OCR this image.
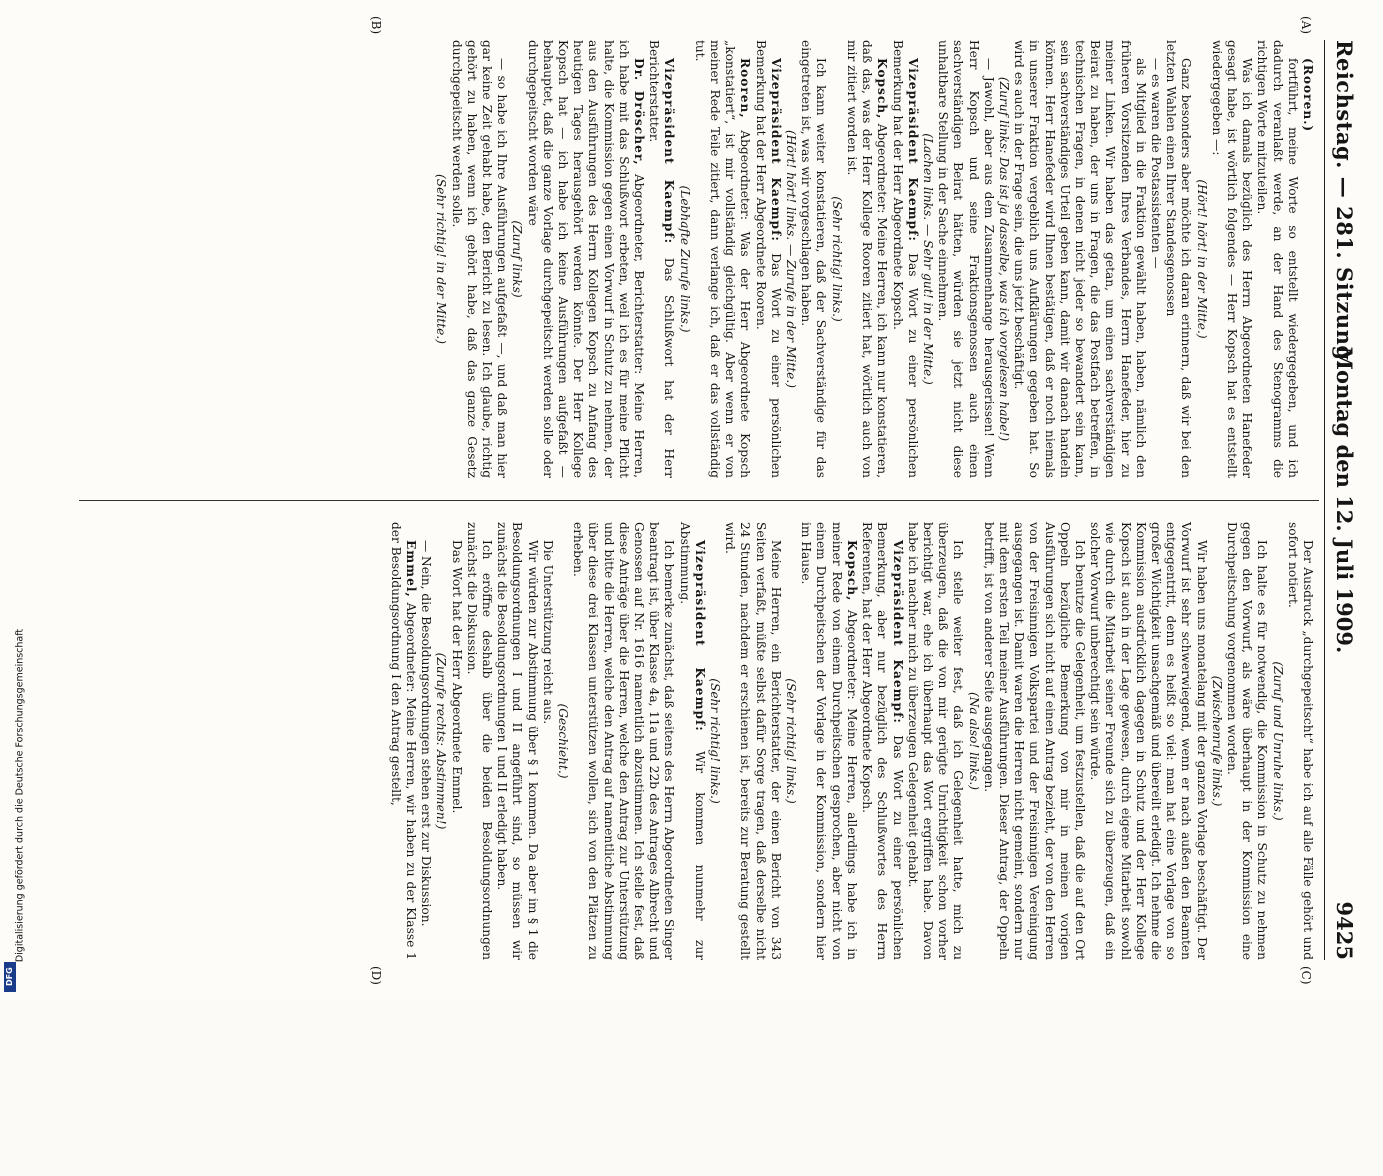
Reichstag. — 281. Sitzung.
Montag den 12. Juli 1909.
9425
(A)
(B)
(C)
(D)

(Rooren.)

fortführt, meine Worte so entstellt wiedergegeben, und ich dadurch veranlaßt werde, an der Hand des Stenogramms die richtigen Worte mitzuteilen.

Was ich damals bezüglich des Herrn Abgeordneten Hanefeder gesagt habe, ist wörtlich folgendes — Herr Kopsch hat es entstellt wiedergegeben —:

(Hört! hört! in der Mitte.)

Ganz besonders aber möchte ich daran erinnern, daß wir bei den letzten Wahlen einen Ihrer Standesgenossen

— es waren die Postassistenten —

als Mitglied in die Fraktion gewählt haben, haben, nämlich den früheren Vorsitzenden Ihres Verbandes, Herrn Hanefeder, hier zu meiner Linken. Wir haben das getan, um einen sachverständigen Beirat zu haben, der uns in Fragen, die das Postfach betreffen, in technischen Fragen, in denen nicht jeder so bewandert sein kann, sein sachverständiges Urteil geben kann, damit wir danach handeln können. Herr Hanefeder wird Ihnen bestätigen, daß er noch niemals in unserer Fraktion vergeblich uns Aufklärungen gegeben hat. So wird es auch in der Frage sein, die uns jetzt beschäftigt.

(Zuruf links: Das ist ja dasselbe, was ich vorgelesen habe!)

— Jawohl, aber aus dem Zusammenhange herausgerissen! Wenn Herr Kopsch und seine Fraktionsgenossen auch einen sachverständigen Beirat hätten, würden sie jetzt nicht diese unhaltbare Stellung in der Sache einnehmen.

(Lachen links. — Sehr gut! in der Mitte.)

Vizepräsident Kaempf: Das Wort zu einer persönlichen Bemerkung hat der Herr Abgeordnete Kopsch.

Kopsch, Abgeordneter: Meine Herren, ich kann nur konstatieren, daß das, was der Herr Kollege Rooren zitiert hat, wörtlich auch von mir zitiert worden ist.

(Sehr richtig! links.)

Ich kann weiter konstatieren, daß der Sachverständige für das eingetreten ist, was wir vorgeschlagen haben.

(Hört! hört! links. — Zurufe in der Mitte.)

Vizepräsident Kaempf: Das Wort zu einer persönlichen Bemerkung hat der Herr Abgeordnete Rooren.

Rooren, Abgeordneter: Was der Herr Abgeordnete Kopsch „konstatiert“, ist mir vollständig gleichgültig. Aber wenn er von meiner Rede Teile zitiert, dann verlange ich, daß er das vollständig tut.

(Lebhafte Zurufe links.)

Vizepräsident Kaempf: Das Schlußwort hat der Herr Berichterstatter.

Dr. Dröscher, Abgeordneter, Berichterstatter: Meine Herren, ich habe mit das Schlußwort erbeten, weil ich es für meine Pflicht halte, die Kommission gegen einen Vorwurf in Schutz zu nehmen, der aus den Ausführungen des Herrn Kollegen Kopsch zu Anfang des heutigen Tages herausgehört werden könnte. Der Herr Kollege Kopsch hat — ich habe ich keine Ausführungen aufgefaßt — behauptet, daß die ganze Vorlage durchgepeitscht werden solle oder durchgepeitscht worden wäre

(Zuruf links)

— so habe ich Ihre Ausführungen aufgefaßt —, und daß man hier gar keine Zeit gehabt habe, den Bericht zu lesen. Ich glaube, richtig gehört zu haben, wenn ich gehört habe, daß das ganze Gesetz durchgepeitscht werden solle.

(Sehr richtig! in der Mitte.)

Der Ausdruck „durchgepeitscht“ habe ich auf alle Fälle gehört und sofort notiert.

(Zuruf und Unruhe links.)

Ich halte es für notwendig, die Kommission in Schutz zu nehmen gegen den Vorwurf, als wäre überhaupt in der Kommission eine Durchpeitschung vorgenommen worden.

(Zwischenrufe links.)

Wir haben uns monatelang mit der ganzen Vorlage beschäftigt. Der Vorwurf ist sehr schwerwiegend, wenn er nach außen den Beamten entgegentritt, denn es heißt so viel: man hat eine Vorlage von so großer Wichtigkeit unsachgemäß und übereilt erledigt. Ich nehme die Kommission ausdrücklich dagegen in Schutz und der Herr Kollege Kopsch ist auch in der Lage gewesen, durch eigene Mitarbeit sowohl wie durch die Mitarbeit seiner Freunde sich zu überzeugen, daß ein solcher Vorwurf unberechtigt sein würde.

Ich benutze die Gelegenheit, um festzustellen, daß die auf den Ort Oppeln bezügliche Bemerkung von mir in meinen vorigen Ausführungen sich nicht auf einen Antrag bezieht, der von den Herren von der Freisinnigen Volkspartei und der Freisinnigen Vereinigung ausgegangen ist. Damit waren die Herren nicht gemeint, sondern nur mit dem ersten Teil meiner Ausführungen. Dieser Antrag, der Oppeln betrifft, ist von anderer Seite ausgegangen.

(Na also! links.)

Ich stelle weiter fest, daß ich Gelegenheit hatte, mich zu überzeugen, daß die von mir gerügte Unrichtigkeit schon vorher berichtigt war, ehe ich überhaupt das Wort ergriffen habe. Davon habe ich nachher mich zu überzeugen Gelegenheit gehabt.

Vizepräsident Kaempf: Das Wort zu einer persönlichen Bemerkung, aber nur bezüglich des Schlußwortes des Herrn Referenten, hat der Herr Abgeordnete Kopsch.

Kopsch, Abgeordneter: Meine Herren, allerdings habe ich in meiner Rede von einem Durchpeitschen gesprochen, aber nicht von einem Durchpeitschen der Vorlage in der Kommission, sondern hier im Hause.

(Sehr richtig! links.)

Meine Herren, ein Berichterstatter, der einen Bericht von 343 Seiten verfaßt, müßte selbst dafür Sorge tragen, daß derselbe nicht 24 Stunden, nachdem er erschienen ist, bereits zur Beratung gestellt wird.

(Sehr richtig! links.)

Vizepräsident Kaempf: Wir kommen nunmehr zur Abstimmung.

Ich bemerke zunächst, daß seitens des Herrn Abgeordneten Singer beantragt ist, über Klasse 4a, 11a und 22b des Antrages Albrecht und Genossen auf Nr. 1616 namentlich abzustimmen. Ich stelle fest, daß diese Anträge über die Herren, welche den Antrag zur Unterstützung und bitte die Herren, welche den Antrag auf namentliche Abstimmung über diese drei Klassen unterstützen wollen, sich von den Plätzen zu erheben.

(Geschieht.)

Die Unterstützung reicht aus.

Wir würden zur Abstimmung über § 1 kommen. Da aber im § 1 die Besoldungsordnungen I und II angeführt sind, so müssen wir zunächst die Besoldungsordnungen I und II erledigt haben.

Ich eröffne deshalb über die beiden Besoldungsordnungen zunächst die Diskussion.

Das Wort hat der Herr Abgeordnete Emmel.

(Zurufe rechts: Abstimmen!)

— Nein, die Besoldungsordnungen stehen erst zur Diskussion.

Emmel, Abgeordneter: Meine Herren, wir haben zu der Klasse 1 der Besoldungsordnung I den Antrag gestellt,

Digitalisierung gefördert durch die Deutsche Forschungsgemeinschaft
DFG
